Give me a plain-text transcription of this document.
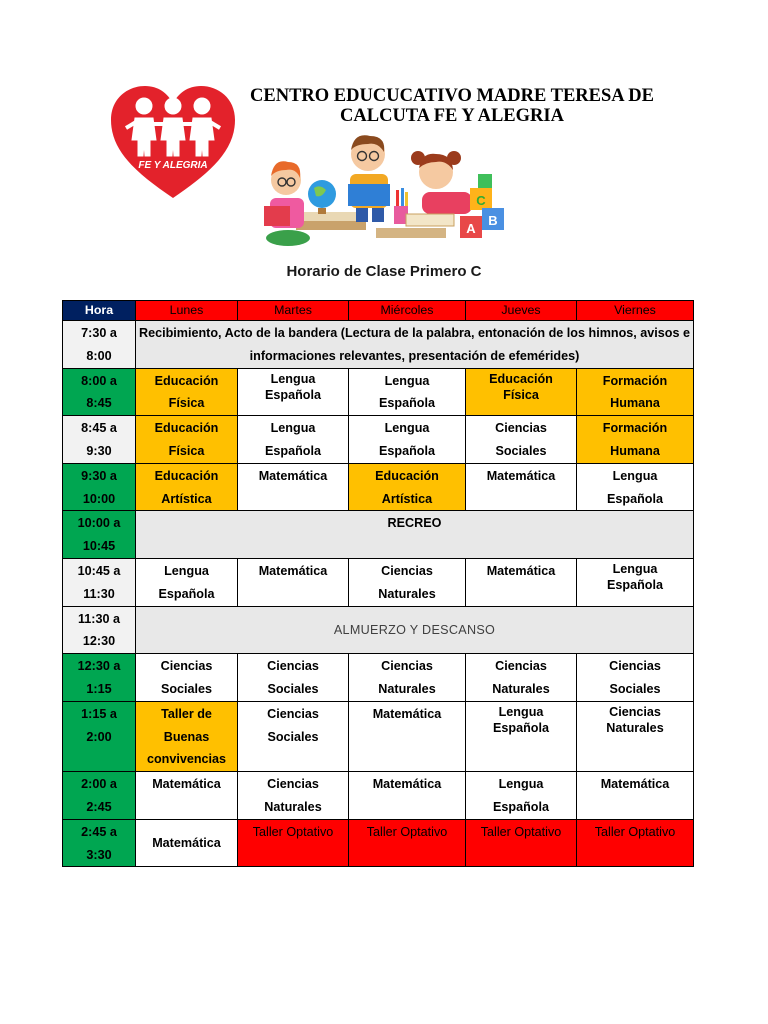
FE Y ALEGRIA
CENTRO EDUCUCATIVO MADRE TERESA DE
CALCUTA FE Y ALEGRIA
C
B
A
Horario de Clase Primero C
Hora	Lunes	Martes	Miércoles	Jueves	Viernes

7:30 a
8:00	Recibimiento, Acto de la bandera (Lectura de la palabra, entonación de los himnos, avisos e informaciones relevantes, presentación de efemérides)				

8:00 a
8:45	Educación
Física	Lengua
Española	Lengua
Española	Educación
Física	Formación
Humana

8:45 a
9:30	Educación
Física	Lengua
Española	Lengua
Española	Ciencias
Sociales	Formación
Humana

9:30 a
10:00	Educación
Artística	Matemática	Educación
Artística	Matemática	Lengua
Española

10:00 a
10:45	RECREO				

10:45 a
11:30	Lengua
Española	Matemática	Ciencias
Naturales	Matemática	Lengua
Española

11:30 a
12:30	ALMUERZO Y DESCANSO				

12:30 a
1:15	Ciencias
Sociales	Ciencias
Sociales	Ciencias
Naturales	Ciencias
Naturales	Ciencias
Sociales

1:15 a
2:00	Taller de
Buenas
convivencias	Ciencias
Sociales	Matemática	Lengua
Española	Ciencias
Naturales

2:00 a
2:45	Matemática	Ciencias
Naturales	Matemática	Lengua
Española	Matemática

2:45 a
3:30	Matemática	Taller Optativo	Taller Optativo	Taller Optativo	Taller Optativo
